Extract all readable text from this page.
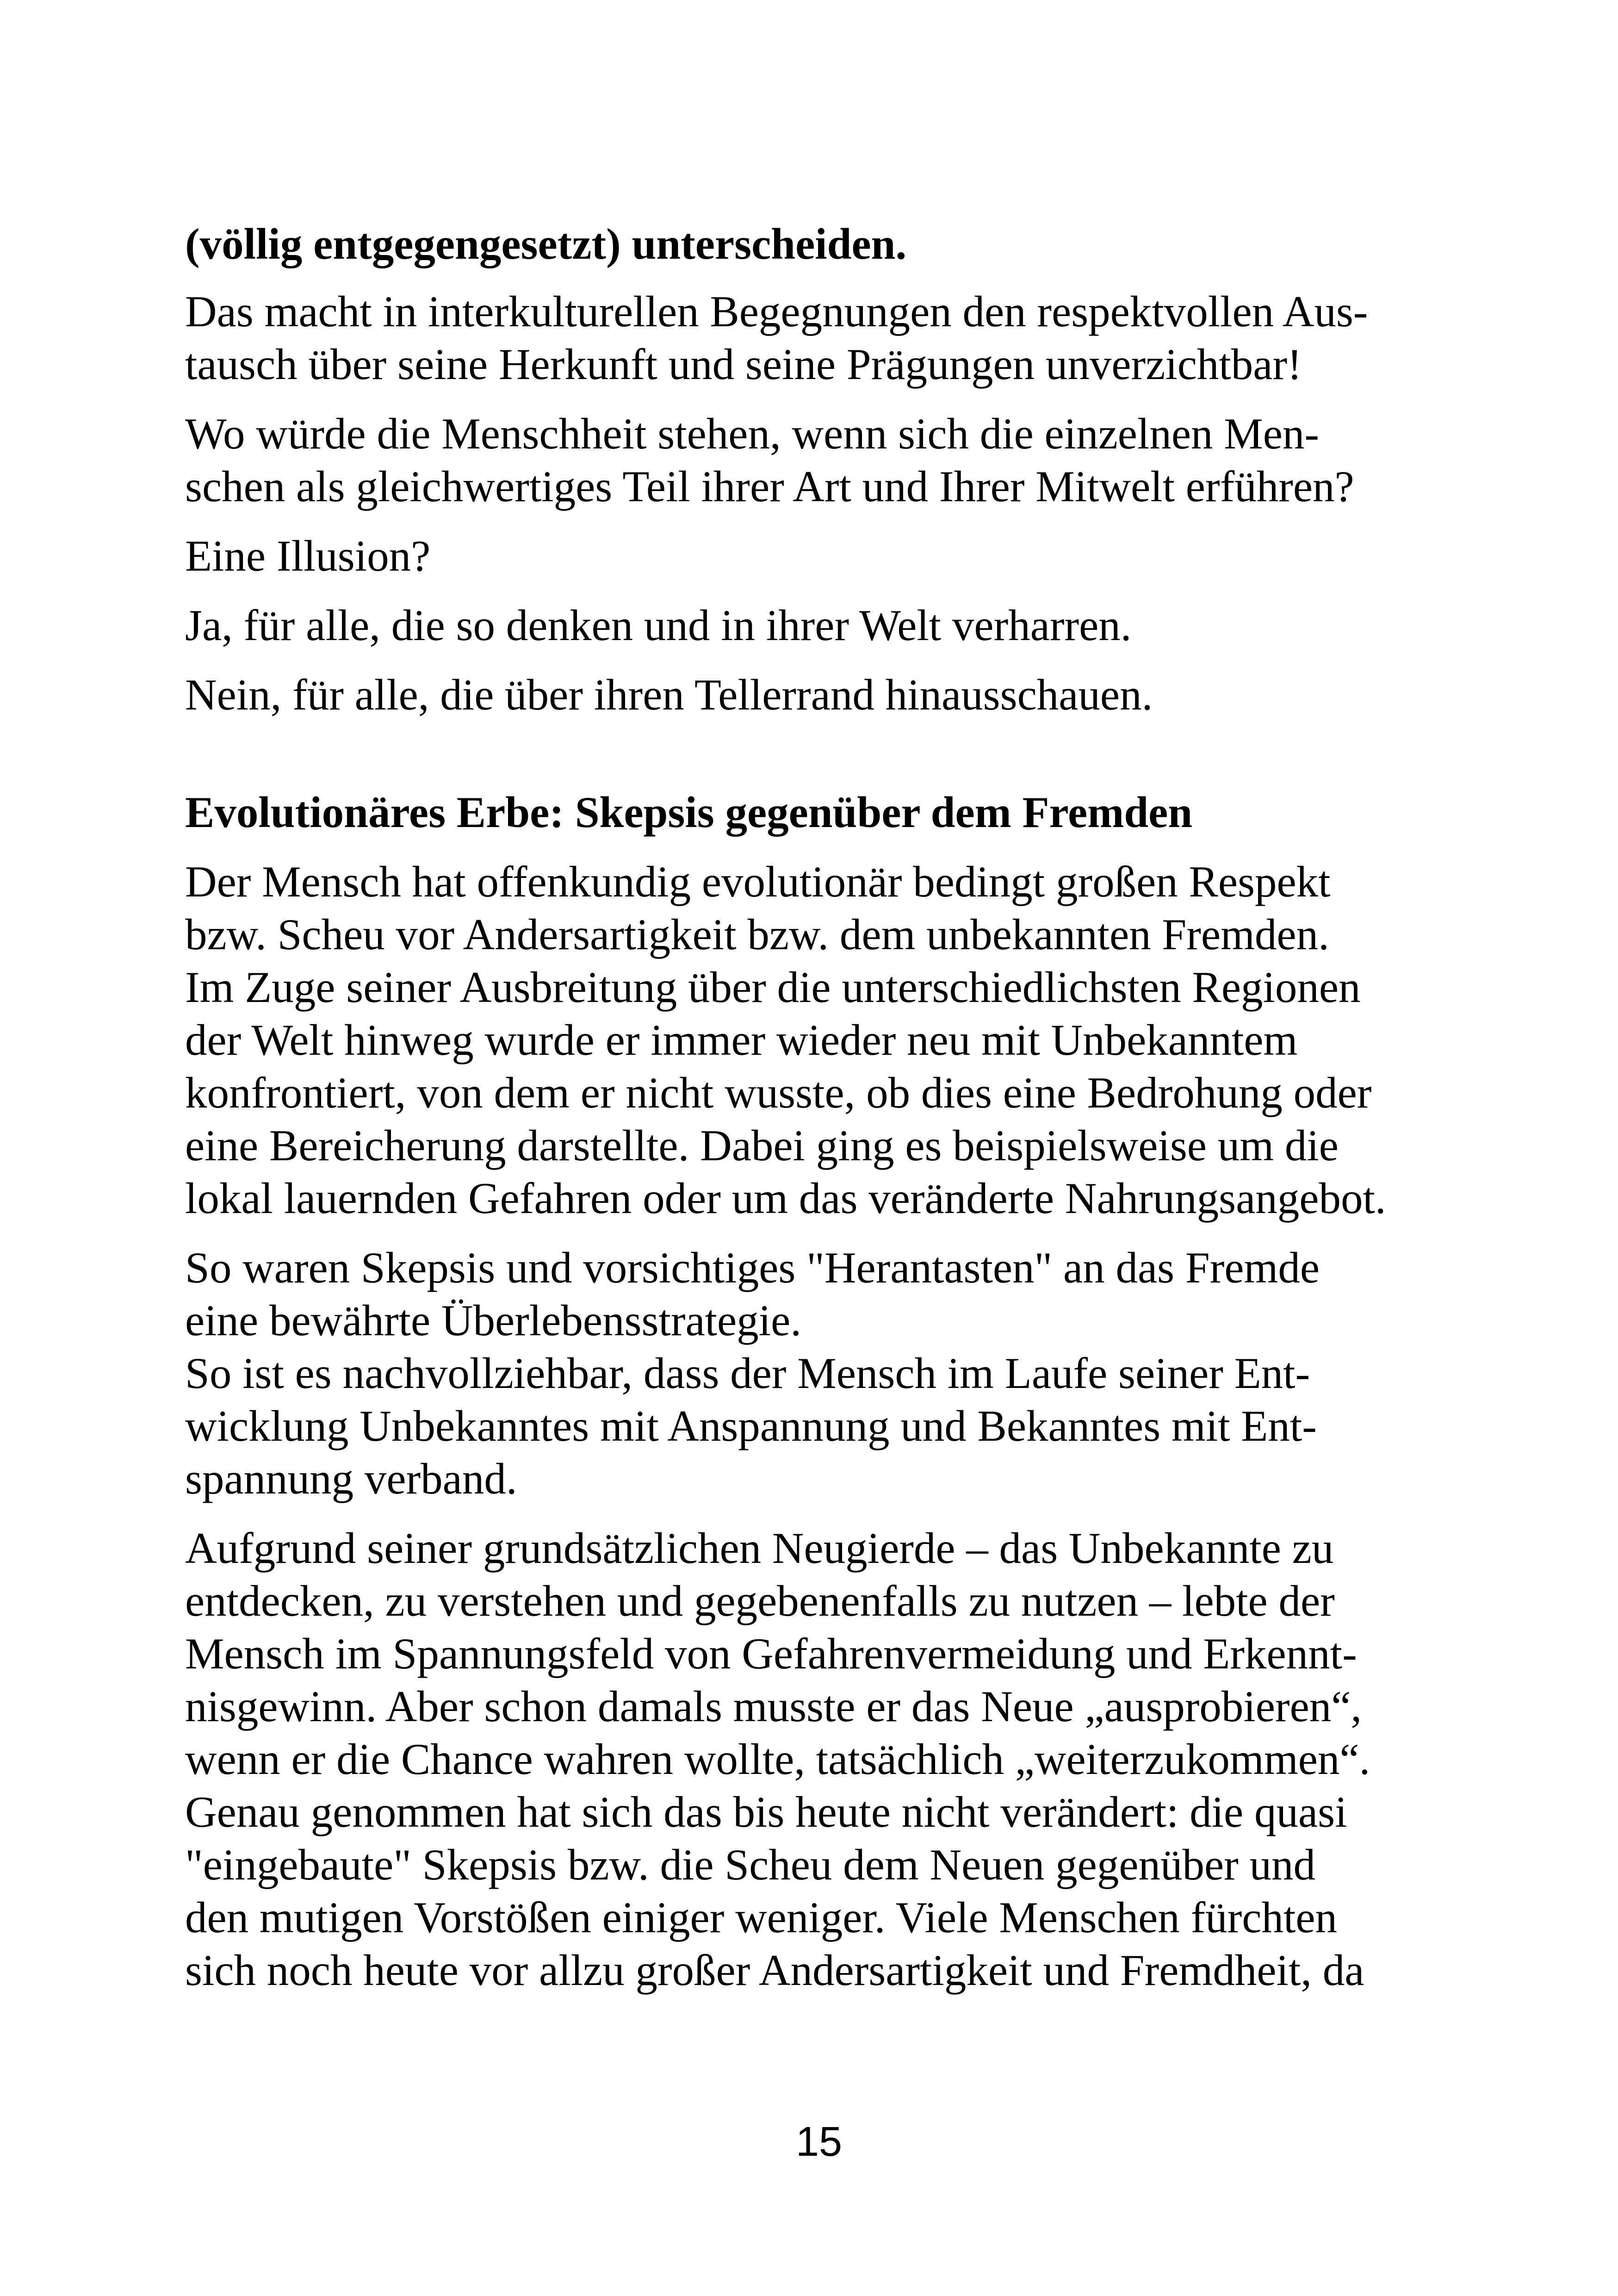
(völlig entgegengesetzt) unterscheiden.
Das macht in interkulturellen Begegnungen den respektvollen Aus-
tausch über seine Herkunft und seine Prägungen unverzichtbar!
Wo würde die Menschheit stehen, wenn sich die einzelnen Men-
schen als gleichwertiges Teil ihrer Art und Ihrer Mitwelt erführen?
Eine Illusion?
Ja, für alle, die so denken und in ihrer Welt verharren.
Nein, für alle, die über ihren Tellerrand hinausschauen.
Evolutionäres Erbe: Skepsis gegenüber dem Fremden
Der Mensch hat offenkundig evolutionär bedingt großen Respekt
bzw. Scheu vor Andersartigkeit bzw. dem unbekannten Fremden.
Im Zuge seiner Ausbreitung über die unterschiedlichsten Regionen
der Welt hinweg wurde er immer wieder neu mit Unbekanntem
konfrontiert, von dem er nicht wusste, ob dies eine Bedrohung oder
eine Bereicherung darstellte. Dabei ging es beispielsweise um die
lokal lauernden Gefahren oder um das veränderte Nahrungsangebot.
So waren Skepsis und vorsichtiges "Herantasten" an das Fremde
eine bewährte Überlebensstrategie.
So ist es nachvollziehbar, dass der Mensch im Laufe seiner Ent-
wicklung Unbekanntes mit Anspannung und Bekanntes mit Ent-
spannung verband.
Aufgrund seiner grundsätzlichen Neugierde – das Unbekannte zu
entdecken, zu verstehen und gegebenenfalls zu nutzen – lebte der
Mensch im Spannungsfeld von Gefahrenvermeidung und Erkennt-
nisgewinn. Aber schon damals musste er das Neue „ausprobieren“,
wenn er die Chance wahren wollte, tatsächlich „weiterzukommen“.
Genau genommen hat sich das bis heute nicht verändert: die quasi
"eingebaute" Skepsis bzw. die Scheu dem Neuen gegenüber und
den mutigen Vorstößen einiger weniger. Viele Menschen fürchten
sich noch heute vor allzu großer Andersartigkeit und Fremdheit, da
15
